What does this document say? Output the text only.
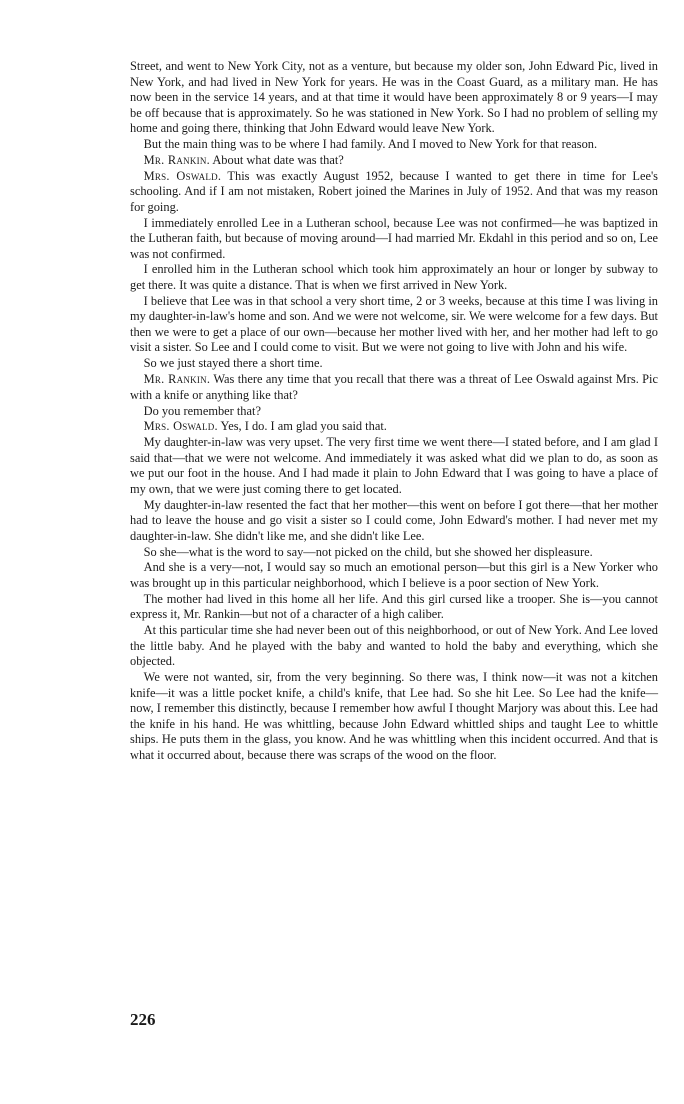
Street, and went to New York City, not as a venture, but because my older son, John Edward Pic, lived in New York, and had lived in New York for years. He was in the Coast Guard, as a military man. He has now been in the service 14 years, and at that time it would have been approximately 8 or 9 years—I may be off because that is approximately. So he was stationed in New York. So I had no problem of selling my home and going there, thinking that John Edward would leave New York.

But the main thing was to be where I had family. And I moved to New York for that reason.

Mr. Rankin. About what date was that?

Mrs. Oswald. This was exactly August 1952, because I wanted to get there in time for Lee's schooling. And if I am not mistaken, Robert joined the Marines in July of 1952. And that was my reason for going.

I immediately enrolled Lee in a Lutheran school, because Lee was not confirmed—he was baptized in the Lutheran faith, but because of moving around—I had married Mr. Ekdahl in this period and so on, Lee was not confirmed.

I enrolled him in the Lutheran school which took him approximately an hour or longer by subway to get there. It was quite a distance. That is when we first arrived in New York.

I believe that Lee was in that school a very short time, 2 or 3 weeks, because at this time I was living in my daughter-in-law's home and son. And we were not welcome, sir. We were welcome for a few days. But then we were to get a place of our own—because her mother lived with her, and her mother had left to go visit a sister. So Lee and I could come to visit. But we were not going to live with John and his wife.

So we just stayed there a short time.

Mr. Rankin. Was there any time that you recall that there was a threat of Lee Oswald against Mrs. Pic with a knife or anything like that?

Do you remember that?

Mrs. Oswald. Yes, I do. I am glad you said that.

My daughter-in-law was very upset. The very first time we went there—I stated before, and I am glad I said that—that we were not welcome. And immediately it was asked what did we plan to do, as soon as we put our foot in the house. And I had made it plain to John Edward that I was going to have a place of my own, that we were just coming there to get located.

My daughter-in-law resented the fact that her mother—this went on before I got there—that her mother had to leave the house and go visit a sister so I could come, John Edward's mother. I had never met my daughter-in-law. She didn't like me, and she didn't like Lee.

So she—what is the word to say—not picked on the child, but she showed her displeasure.

And she is a very—not, I would say so much an emotional person—but this girl is a New Yorker who was brought up in this particular neighborhood, which I believe is a poor section of New York.

The mother had lived in this home all her life. And this girl cursed like a trooper. She is—you cannot express it, Mr. Rankin—but not of a character of a high caliber.

At this particular time she had never been out of this neighborhood, or out of New York. And Lee loved the little baby. And he played with the baby and wanted to hold the baby and everything, which she objected.

We were not wanted, sir, from the very beginning. So there was, I think now—it was not a kitchen knife—it was a little pocket knife, a child's knife, that Lee had. So she hit Lee. So Lee had the knife—now, I remember this distinctly, because I remember how awful I thought Marjory was about this. Lee had the knife in his hand. He was whittling, because John Edward whittled ships and taught Lee to whittle ships. He puts them in the glass, you know. And he was whittling when this incident occurred. And that is what it occurred about, because there was scraps of the wood on the floor.

226
